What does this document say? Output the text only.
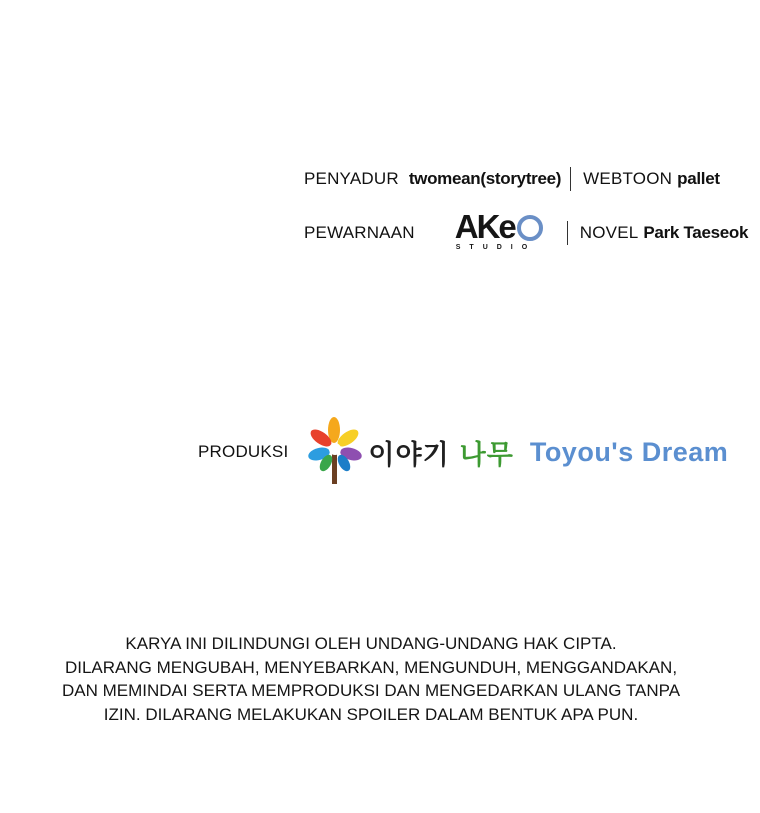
PENYADUR twomean(storytree) WEBTOON pallet
PEWARNAAN AKe
STUDIO
NOVEL Park Taeseok
PRODUKSI	이야기 나무 Toyou's Dream
KARYA INI DILINDUNGI OLEH UNDANG-UNDANG HAK CIPTA.
DILARANG MENGUBAH, MENYEBARKAN, MENGUNDUH, MENGGANDAKAN,
DAN MEMINDAI SERTA MEMPRODUKSI DAN MENGEDARKAN ULANG TANPA
IZIN. DILARANG MELAKUKAN SPOILER DALAM BENTUK APA PUN.
